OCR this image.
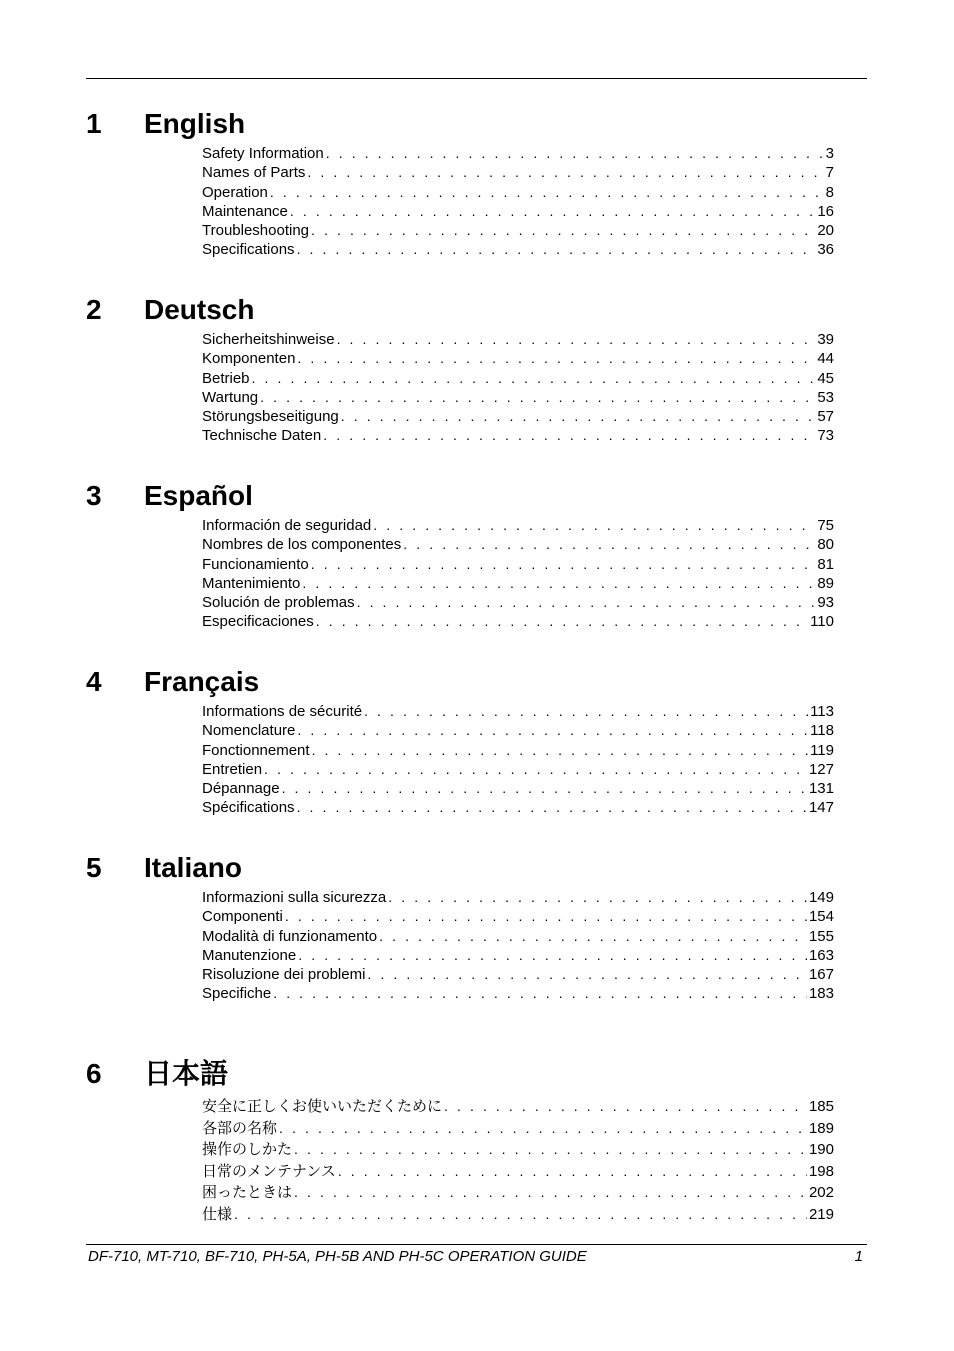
1 English
Safety Information . . .	3
Names of Parts . . .	7
Operation . . .	8
Maintenance . . .	16
Troubleshooting . . .	20
Specifications . . .	36
2 Deutsch
Sicherheitshinweise . . .	39
Komponenten . . .	44
Betrieb . . .	45
Wartung . . .	53
Störungsbeseitigung . . .	57
Technische Daten . . .	73
3 Español
Información de seguridad . . .	75
Nombres de los componentes . . .	80
Funcionamiento . . .	81
Mantenimiento . . .	89
Solución de problemas . . .	93
Especificaciones . . .	110
4 Français
Informations de sécurité . . .	113
Nomenclature . . .	118
Fonctionnement . . .	119
Entretien . . .	127
Dépannage . . .	131
Spécifications . . .	147
5 Italiano
Informazioni sulla sicurezza . . .	149
Componenti . . .	154
Modalità di funzionamento . . .	155
Manutenzione . . .	163
Risoluzione dei problemi . . .	167
Specifiche . . .	183
6 日本語
安全に正しくお使いいただくために . . .	185
各部の名称 . . .	189
操作のしかた . . .	190
日常のメンテナンス . . .	198
困ったときは . . .	202
仕様 . . .	219
DF-710, MT-710, BF-710, PH-5A, PH-5B AND PH-5C OPERATION GUIDE	1
